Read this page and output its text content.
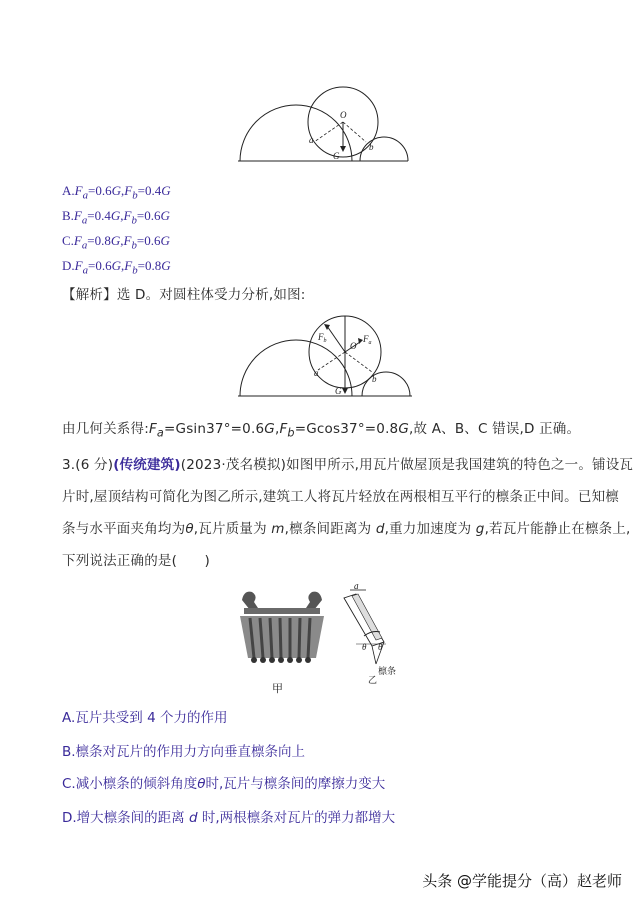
O
a
b
G
$A.F_a=0.6G,F_b=0.4G$
$B.F_a=0.4G,F_b=0.6G$
$C.F_a=0.8G,F_b=0.6G$
$D.F_a=0.6G,F_b=0.8G$
【解析】选 D。对圆柱体受力分析,如图:
O
a
b
G
$F_b$	$F_a$
由几何关系得$:F_a=Gsin37^\circ=0.6G,F_b=Gcos37^\circ=0.8G$,故 A、B、C 错误,D 正确。
3.(6 分)(传统建筑)(2023·茂名模拟)如图甲所示,用瓦片做屋顶是我国建筑的特色之一。铺设瓦
片时,屋顶结构可简化为图乙所示,建筑工人将瓦片轻放在两根相互平行的檩条正中间。已知檩
条与水平面夹角均为θ,瓦片质量为 m,檩条间距离为 d,重力加速度为 g,若瓦片能静止在檩条上,
下列说法正确的是(　　)
甲
d
θ θ
檩条
乙
A.瓦片共受到 4 个力的作用
B.檩条对瓦片的作用力方向垂直檩条向上
C.减小檩条的倾斜角度θ时,瓦片与檩条间的摩擦力变大
D.增大檩条间的距离 d 时,两根檩条对瓦片的弹力都增大
头条 @学能提分（高）赵老师
